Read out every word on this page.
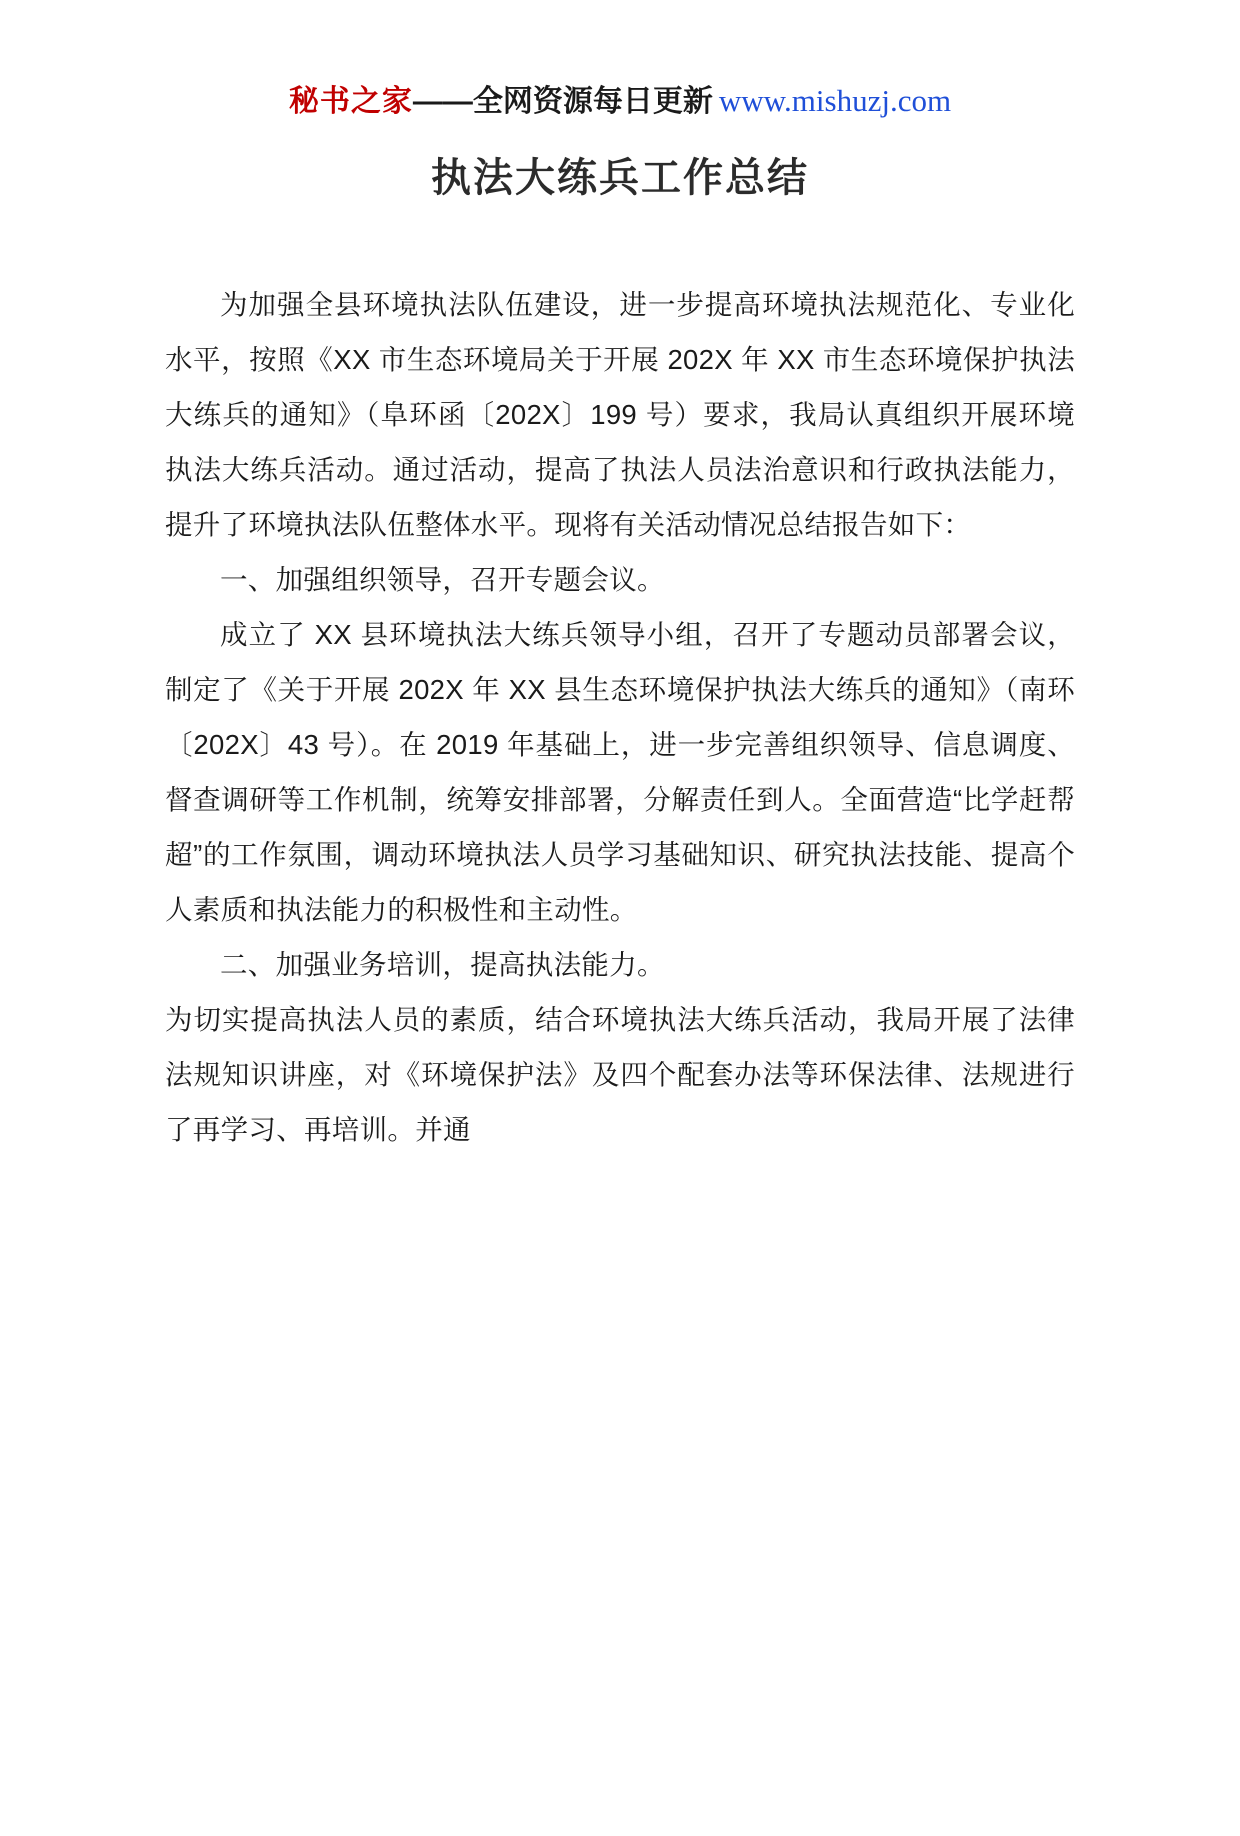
秘书之家——全网资源每日更新 www.mishuzj.com
执法大练兵工作总结

为加强全县环境执法队伍建设，进一步提高环境执法规范化、专业化水平，按照《XX 市生态环境局关于开展 202X 年 XX 市生态环境保护执法大练兵的通知》（阜环函〔202X〕199 号）要求，我局认真组织开展环境执法大练兵活动。通过活动，提高了执法人员法治意识和行政执法能力，提升了环境执法队伍整体水平。现将有关活动情况总结报告如下：

一、加强组织领导，召开专题会议。

成立了 XX 县环境执法大练兵领导小组，召开了专题动员部署会议，制定了《关于开展 202X 年 XX 县生态环境保护执法大练兵的通知》（南环〔202X〕43 号）。在 2019 年基础上，进一步完善组织领导、信息调度、督查调研等工作机制，统筹安排部署，分解责任到人。全面营造“比学赶帮超”的工作氛围，调动环境执法人员学习基础知识、研究执法技能、提高个人素质和执法能力的积极性和主动性。

二、加强业务培训，提高执法能力。

为切实提高执法人员的素质，结合环境执法大练兵活动，我局开展了法律法规知识讲座，对《环境保护法》及四个配套办法等环保法律、法规进行了再学习、再培训。并通
